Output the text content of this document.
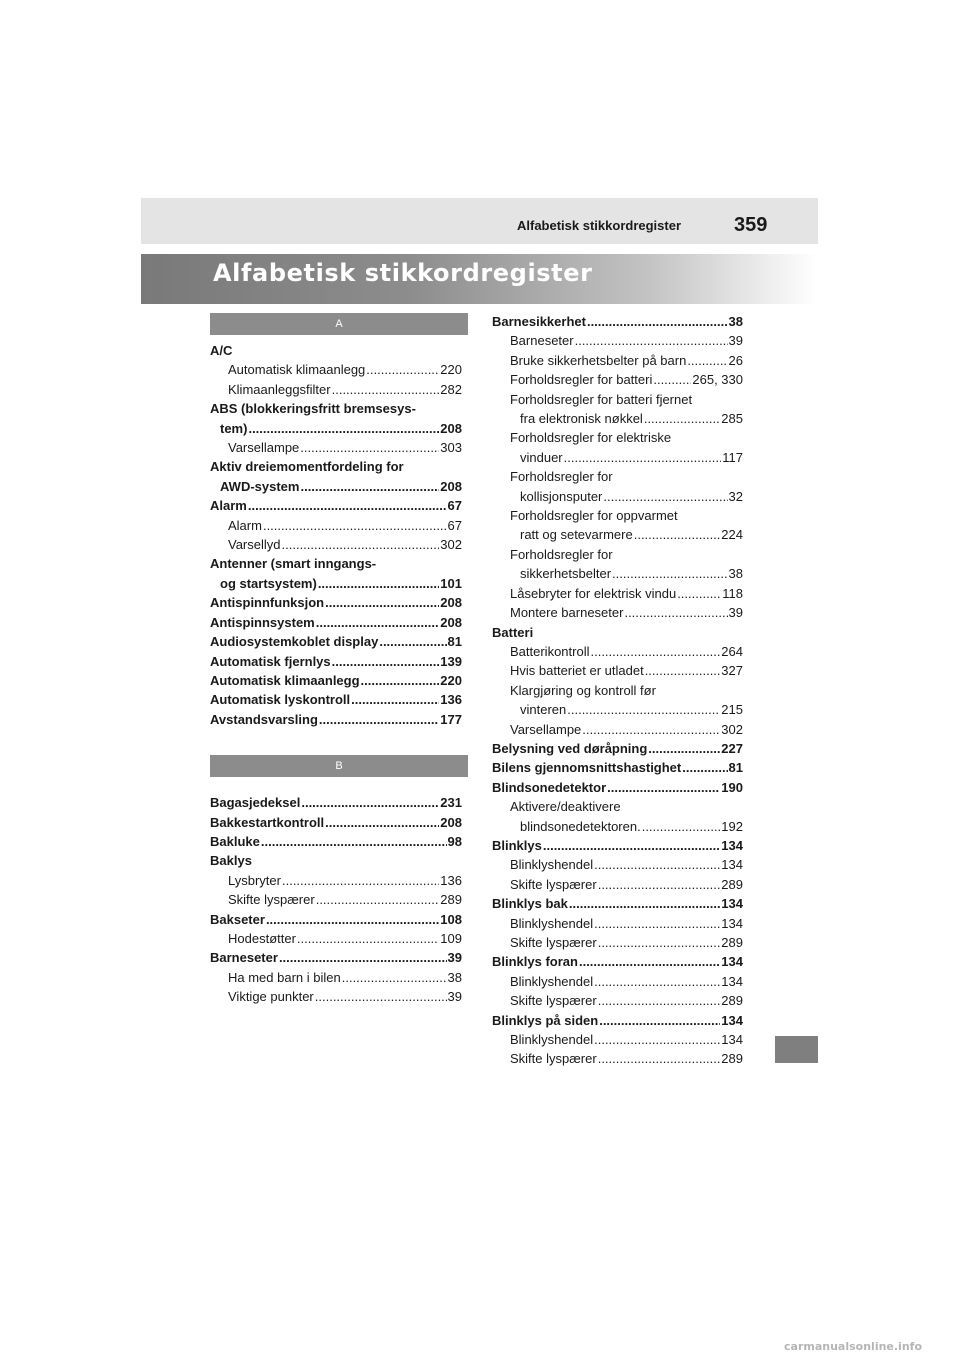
Alfabetisk stikkordregister	359
Alfabetisk stikkordregister
A
A/C
Automatisk klimaanlegg .....	220
Klimaanleggsfilter .....	282
ABS (blokkeringsfritt bremsesys-
tem) .....	208
Varsellampe .....	303
Aktiv dreiemomentfordeling for
AWD-system .....	208
Alarm .....	67
Alarm .....	67
Varsellyd .....	302
Antenner (smart inngangs-
og startsystem) .....	101
Antispinnfunksjon .....	208
Antispinnsystem .....	208
Audiosystemkoblet display .....	81
Automatisk fjernlys .....	139
Automatisk klimaanlegg .....	220
Automatisk lyskontroll .....	136
Avstandsvarsling .....	177
B
Bagasjedeksel .....	231
Bakkestartkontroll .....	208
Bakluke .....	98
Baklys
Lysbryter .....	136
Skifte lyspærer .....	289
Bakseter .....	108
Hodestøtter .....	109
Barneseter .....	39
Ha med barn i bilen .....	38
Viktige punkter .....	39
Barnesikkerhet .....	38
Barneseter .....	39
Bruke sikkerhetsbelter på barn .....	26
Forholdsregler for batteri .....	265, 330
Forholdsregler for batteri fjernet
fra elektronisk nøkkel .....	285
Forholdsregler for elektriske
vinduer .....	117
Forholdsregler for
kollisjonsputer .....	32
Forholdsregler for oppvarmet
ratt og setevarmere .....	224
Forholdsregler for
sikkerhetsbelter .....	38
Låsebryter for elektrisk vindu .....	118
Montere barneseter .....	39
Batteri
Batterikontroll .....	264
Hvis batteriet er utladet .....	327
Klargjøring og kontroll før
vinteren .....	215
Varsellampe .....	302
Belysning ved døråpning .....	227
Bilens gjennomsnittshastighet .....	81
Blindsonedetektor .....	190
Aktivere/deaktivere
blindsonedetektoren. .....	192
Blinklys .....	134
Blinklyshendel .....	134
Skifte lyspærer .....	289
Blinklys bak .....	134
Blinklyshendel .....	134
Skifte lyspærer .....	289
Blinklys foran .....	134
Blinklyshendel .....	134
Skifte lyspærer .....	289
Blinklys på siden .....	134
Blinklyshendel .....	134
Skifte lyspærer .....	289
carmanualsonline.info
